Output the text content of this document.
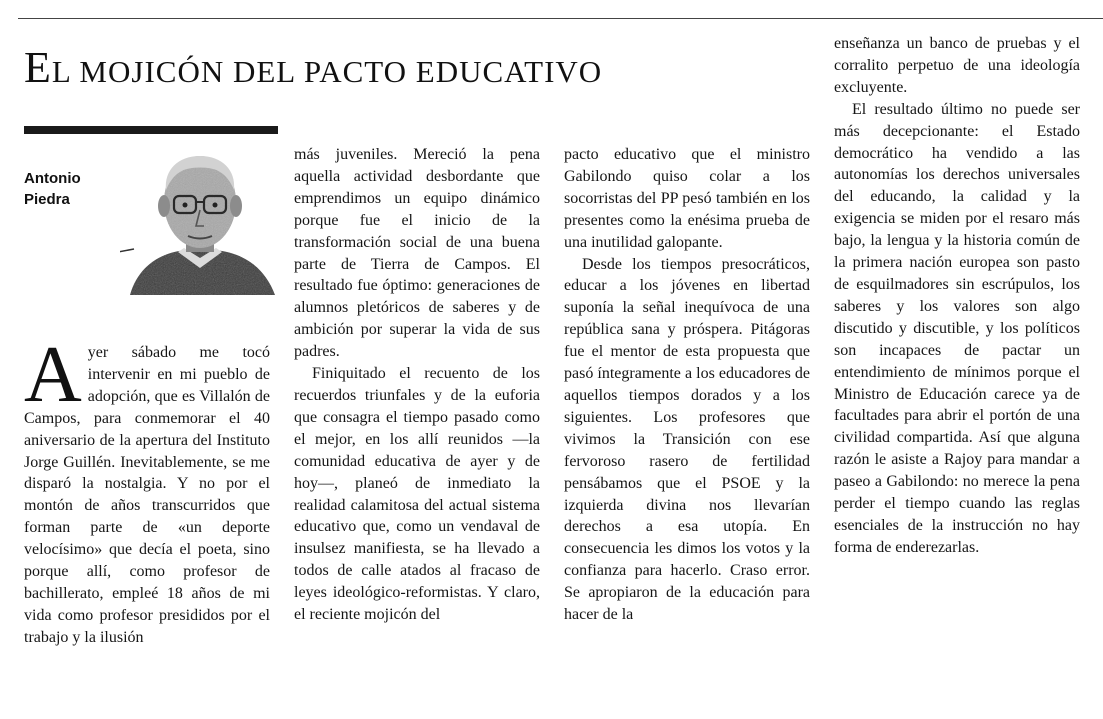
EL MOJICÓN DEL PACTO EDUCATIVO
Antonio
Piedra

Ayer sábado me tocó intervenir en mi pueblo de adopción, que es Villalón de Campos, para conmemorar el 40 aniversario de la apertura del Instituto Jorge Guillén. Inevitablemente, se me disparó la nostalgia. Y no por el montón de años transcurridos que forman parte de «un deporte velocísimo» que decía el poeta, sino porque allí, como profesor de bachillerato, empleé 18 años de mi vida como profesor presididos por el trabajo y la ilusión

más juveniles. Mereció la pena aquella actividad desbordante que emprendimos un equipo dinámico porque fue el inicio de la transformación social de una buena parte de Tierra de Campos. El resultado fue óptimo: generaciones de alumnos pletóricos de saberes y de ambición por superar la vida de sus padres.

Finiquitado el recuento de los recuerdos triunfales y de la euforia que consagra el tiempo pasado como el mejor, en los allí reunidos —la comunidad educativa de ayer y de hoy—, planeó de inmediato la realidad calamitosa del actual sistema educativo que, como un vendaval de insulsez manifiesta, se ha llevado a todos de calle atados al fracaso de leyes ideológico-reformistas. Y claro, el reciente mojicón del

pacto educativo que el ministro Gabilondo quiso colar a los socorristas del PP pesó también en los presentes como la enésima prueba de una inutilidad galopante.

Desde los tiempos presocráticos, educar a los jóvenes en libertad suponía la señal inequívoca de una república sana y próspera. Pitágoras fue el mentor de esta propuesta que pasó íntegramente a los educadores de aquellos tiempos dorados y a los siguientes. Los profesores que vivimos la Transición con ese fervoroso rasero de fertilidad pensábamos que el PSOE y la izquierda divina nos llevarían derechos a esa utopía. En consecuencia les dimos los votos y la confianza para hacerlo. Craso error. Se apropiaron de la educación para hacer de la

enseñanza un banco de pruebas y el corralito perpetuo de una ideología excluyente.

El resultado último no puede ser más decepcionante: el Estado democrático ha vendido a las autonomías los derechos universales del educando, la calidad y la exigencia se miden por el resaro más bajo, la lengua y la historia común de la primera nación europea son pasto de esquilmadores sin escrúpulos, los saberes y los valores son algo discutido y discutible, y los políticos son incapaces de pactar un entendimiento de mínimos porque el Ministro de Educación carece ya de facultades para abrir el portón de una civilidad compartida. Así que alguna razón le asiste a Rajoy para mandar a paseo a Gabilondo: no merece la pena perder el tiempo cuando las reglas esenciales de la instrucción no hay forma de enderezarlas.
